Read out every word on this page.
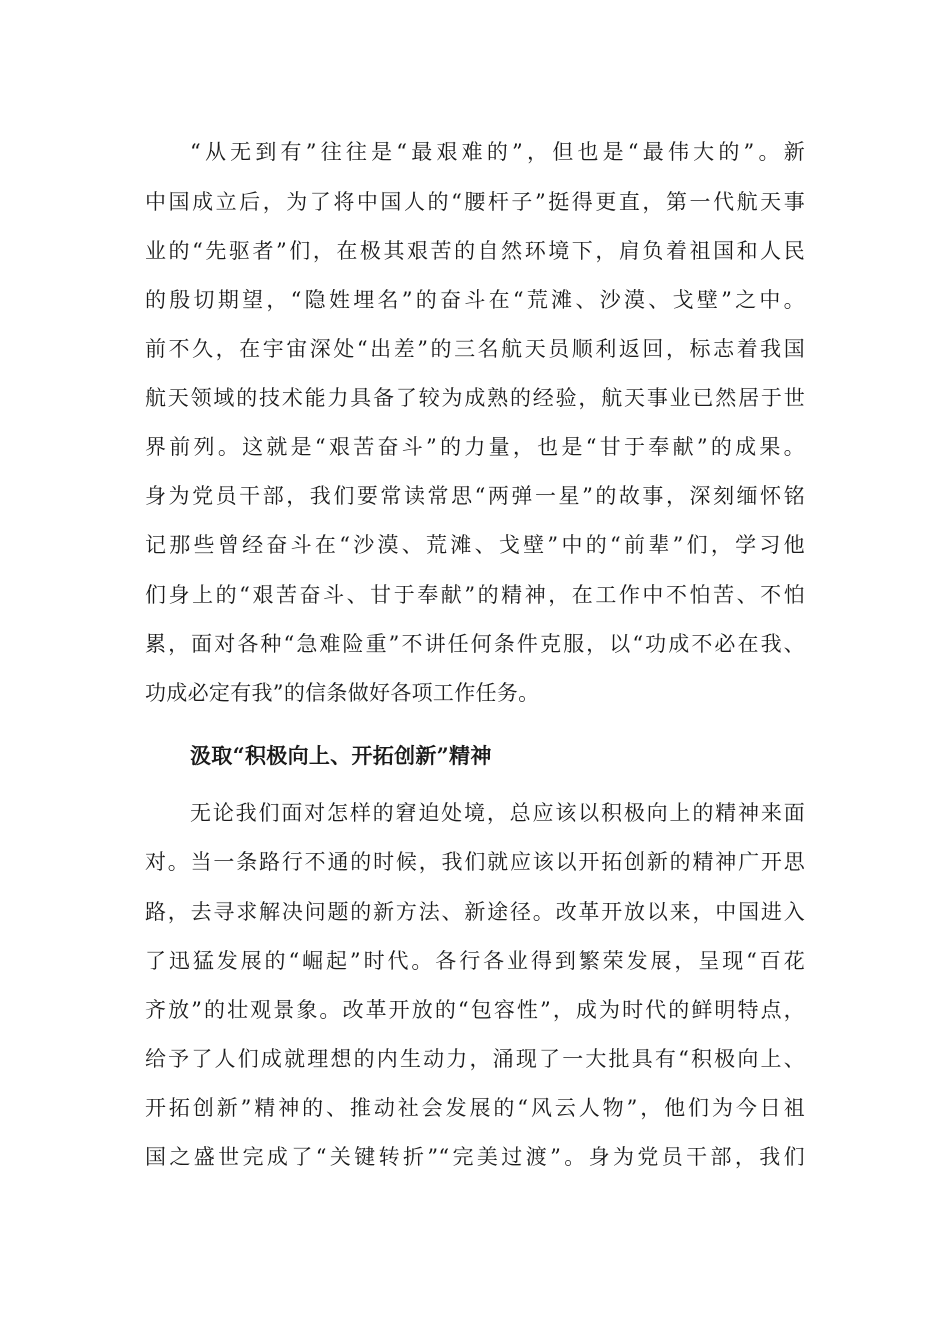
“从无到有”往往是“最艰难的”，但也是“最伟大的”。新
中国成立后，为了将中国人的“腰杆子”挺得更直，第一代航天事
业的“先驱者”们，在极其艰苦的自然环境下，肩负着祖国和人民
的殷切期望，“隐姓埋名”的奋斗在“荒滩、沙漠、戈壁”之中。
前不久，在宇宙深处“出差”的三名航天员顺利返回，标志着我国
航天领域的技术能力具备了较为成熟的经验，航天事业已然居于世
界前列。这就是“艰苦奋斗”的力量，也是“甘于奉献”的成果。
身为党员干部，我们要常读常思“两弹一星”的故事，深刻缅怀铭
记那些曾经奋斗在“沙漠、荒滩、戈壁”中的“前辈”们，学习他
们身上的“艰苦奋斗、甘于奉献”的精神，在工作中不怕苦、不怕
累，面对各种“急难险重”不讲任何条件克服，以“功成不必在我、
功成必定有我”的信条做好各项工作任务。
汲取“积极向上、开拓创新”精神
无论我们面对怎样的窘迫处境，总应该以积极向上的精神来面
对。当一条路行不通的时候，我们就应该以开拓创新的精神广开思
路，去寻求解决问题的新方法、新途径。改革开放以来，中国进入
了迅猛发展的“崛起”时代。各行各业得到繁荣发展，呈现“百花
齐放”的壮观景象。改革开放的“包容性”，成为时代的鲜明特点，
给予了人们成就理想的内生动力，涌现了一大批具有“积极向上、
开拓创新”精神的、推动社会发展的“风云人物”，他们为今日祖
国之盛世完成了“关键转折”“完美过渡”。身为党员干部，我们
